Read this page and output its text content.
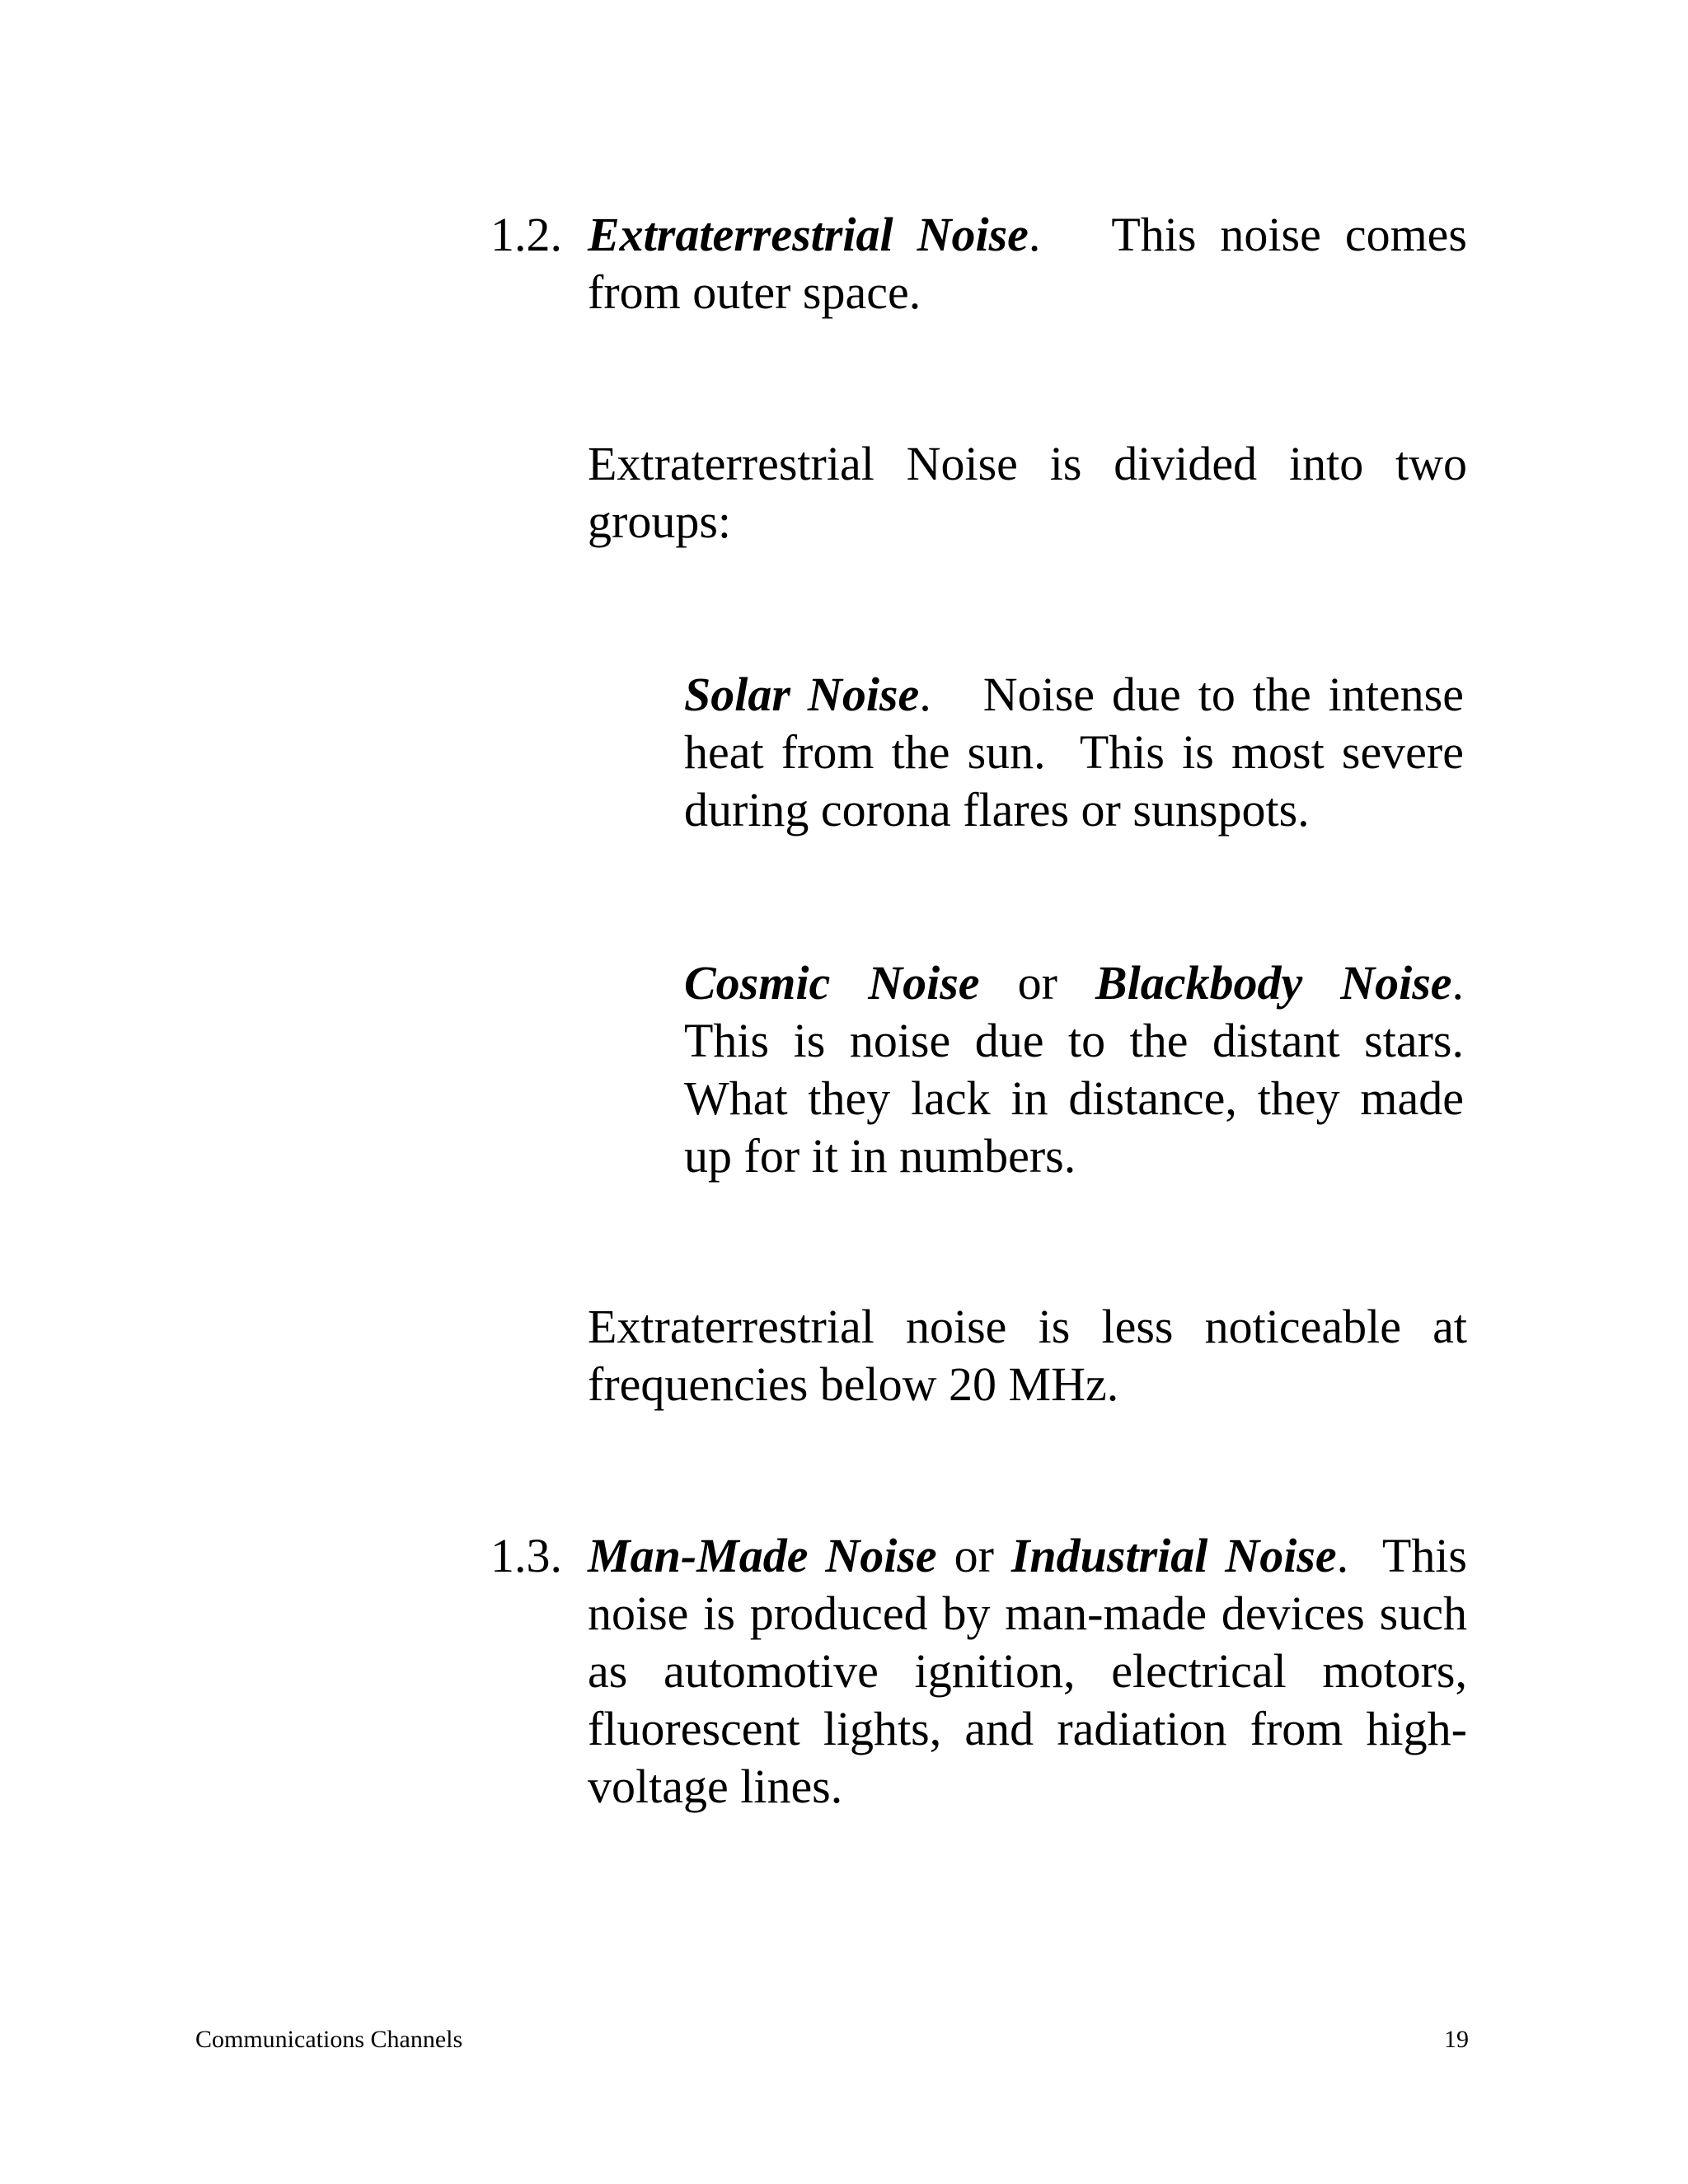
1.2. Extraterrestrial Noise. This noise comes
from outer space.
Extraterrestrial Noise is divided into two
groups:
Solar Noise. Noise due to the intense
heat from the sun.  This is most severe
during corona flares or sunspots.
Cosmic Noise or Blackbody Noise.
This is noise due to the distant stars.
What they lack in distance, they made
up for it in numbers.
Extraterrestrial noise is less noticeable at
frequencies below 20 MHz.
1.3. Man-Made Noise or Industrial Noise. This
noise is produced by man-made devices such
as automotive ignition, electrical motors,
fluorescent lights, and radiation from high-
voltage lines.
Communications Channels	19
